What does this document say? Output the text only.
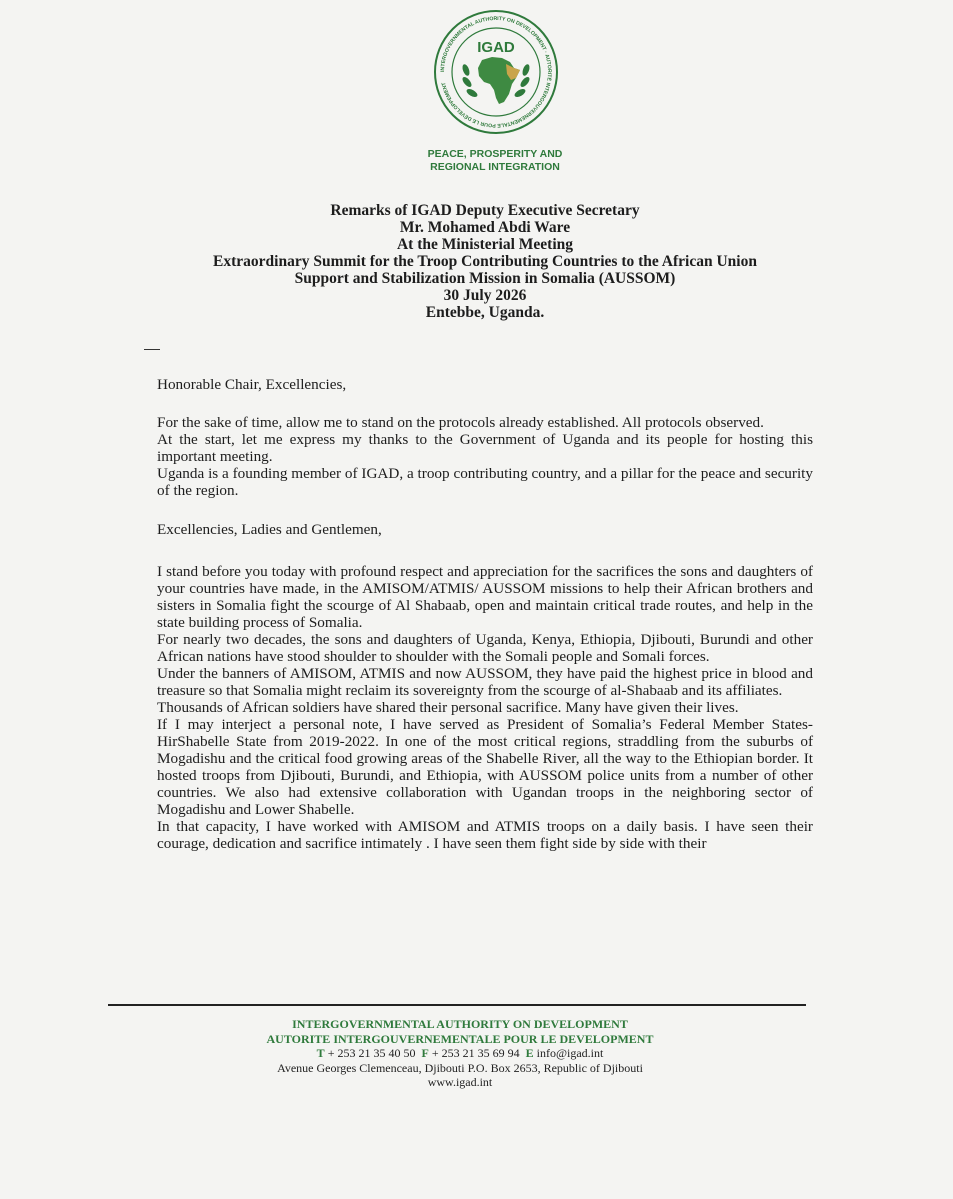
INTERGOVERNMENTAL AUTHORITY ON DEVELOPMENT · AUTORITÉ INTERGOUVERNEMENTALE POUR LE DÉVELOPPEMENT
IGAD
PEACE, PROSPERITY AND
REGIONAL INTEGRATION
Remarks of IGAD Deputy Executive Secretary
Mr. Mohamed Abdi Ware
At the Ministerial Meeting
Extraordinary Summit for the Troop Contributing Countries to the African Union
Support and Stabilization Mission in Somalia (AUSSOM)
30 July 2026
Entebbe, Uganda.

Honorable Chair, Excellencies,

For the sake of time, allow me to stand on the protocols already established. All protocols observed.

At the start, let me express my thanks to the Government of Uganda and its people for hosting this important meeting.

Uganda is a founding member of IGAD, a troop contributing country, and a pillar for the peace and security of the region.

Excellencies, Ladies and Gentlemen,

I stand before you today with profound respect and appreciation for the sacrifices the sons and daughters of your countries have made, in the AMISOM/ATMIS/ AUSSOM missions to help their African brothers and sisters in Somalia fight the scourge of Al Shabaab, open and maintain critical trade routes, and help in the state building process of Somalia.

For nearly two decades, the sons and daughters of Uganda, Kenya, Ethiopia, Djibouti, Burundi and other African nations have stood shoulder to shoulder with the Somali people and Somali forces.

Under the banners of AMISOM, ATMIS and now AUSSOM, they have paid the highest price in blood and treasure so that Somalia might reclaim its sovereignty from the scourge of al-Shabaab and its affiliates.

Thousands of African soldiers have shared their personal sacrifice. Many have given their lives.

If I may interject a personal note, I have served as President of Somalia’s Federal Member States- HirShabelle State from 2019-2022. In one of the most critical regions, straddling from the suburbs of Mogadishu and the critical food growing areas of the Shabelle River, all the way to the Ethiopian border. It hosted troops from Djibouti, Burundi, and Ethiopia, with AUSSOM police units from a number of other countries. We also had extensive collaboration with Ugandan troops in the neighboring sector of Mogadishu and Lower Shabelle.

In that capacity, I have worked with AMISOM and ATMIS troops on a daily basis. I have seen their courage, dedication and sacrifice intimately . I have seen them fight side by side with their

INTERGOVERNMENTAL AUTHORITY ON DEVELOPMENT
AUTORITE INTERGOUVERNEMENTALE POUR LE DEVELOPMENT
T + 253 21 35 40 50 F + 253 21 35 69 94 E info@igad.int
Avenue Georges Clemenceau, Djibouti P.O. Box 2653, Republic of Djibouti
www.igad.int
